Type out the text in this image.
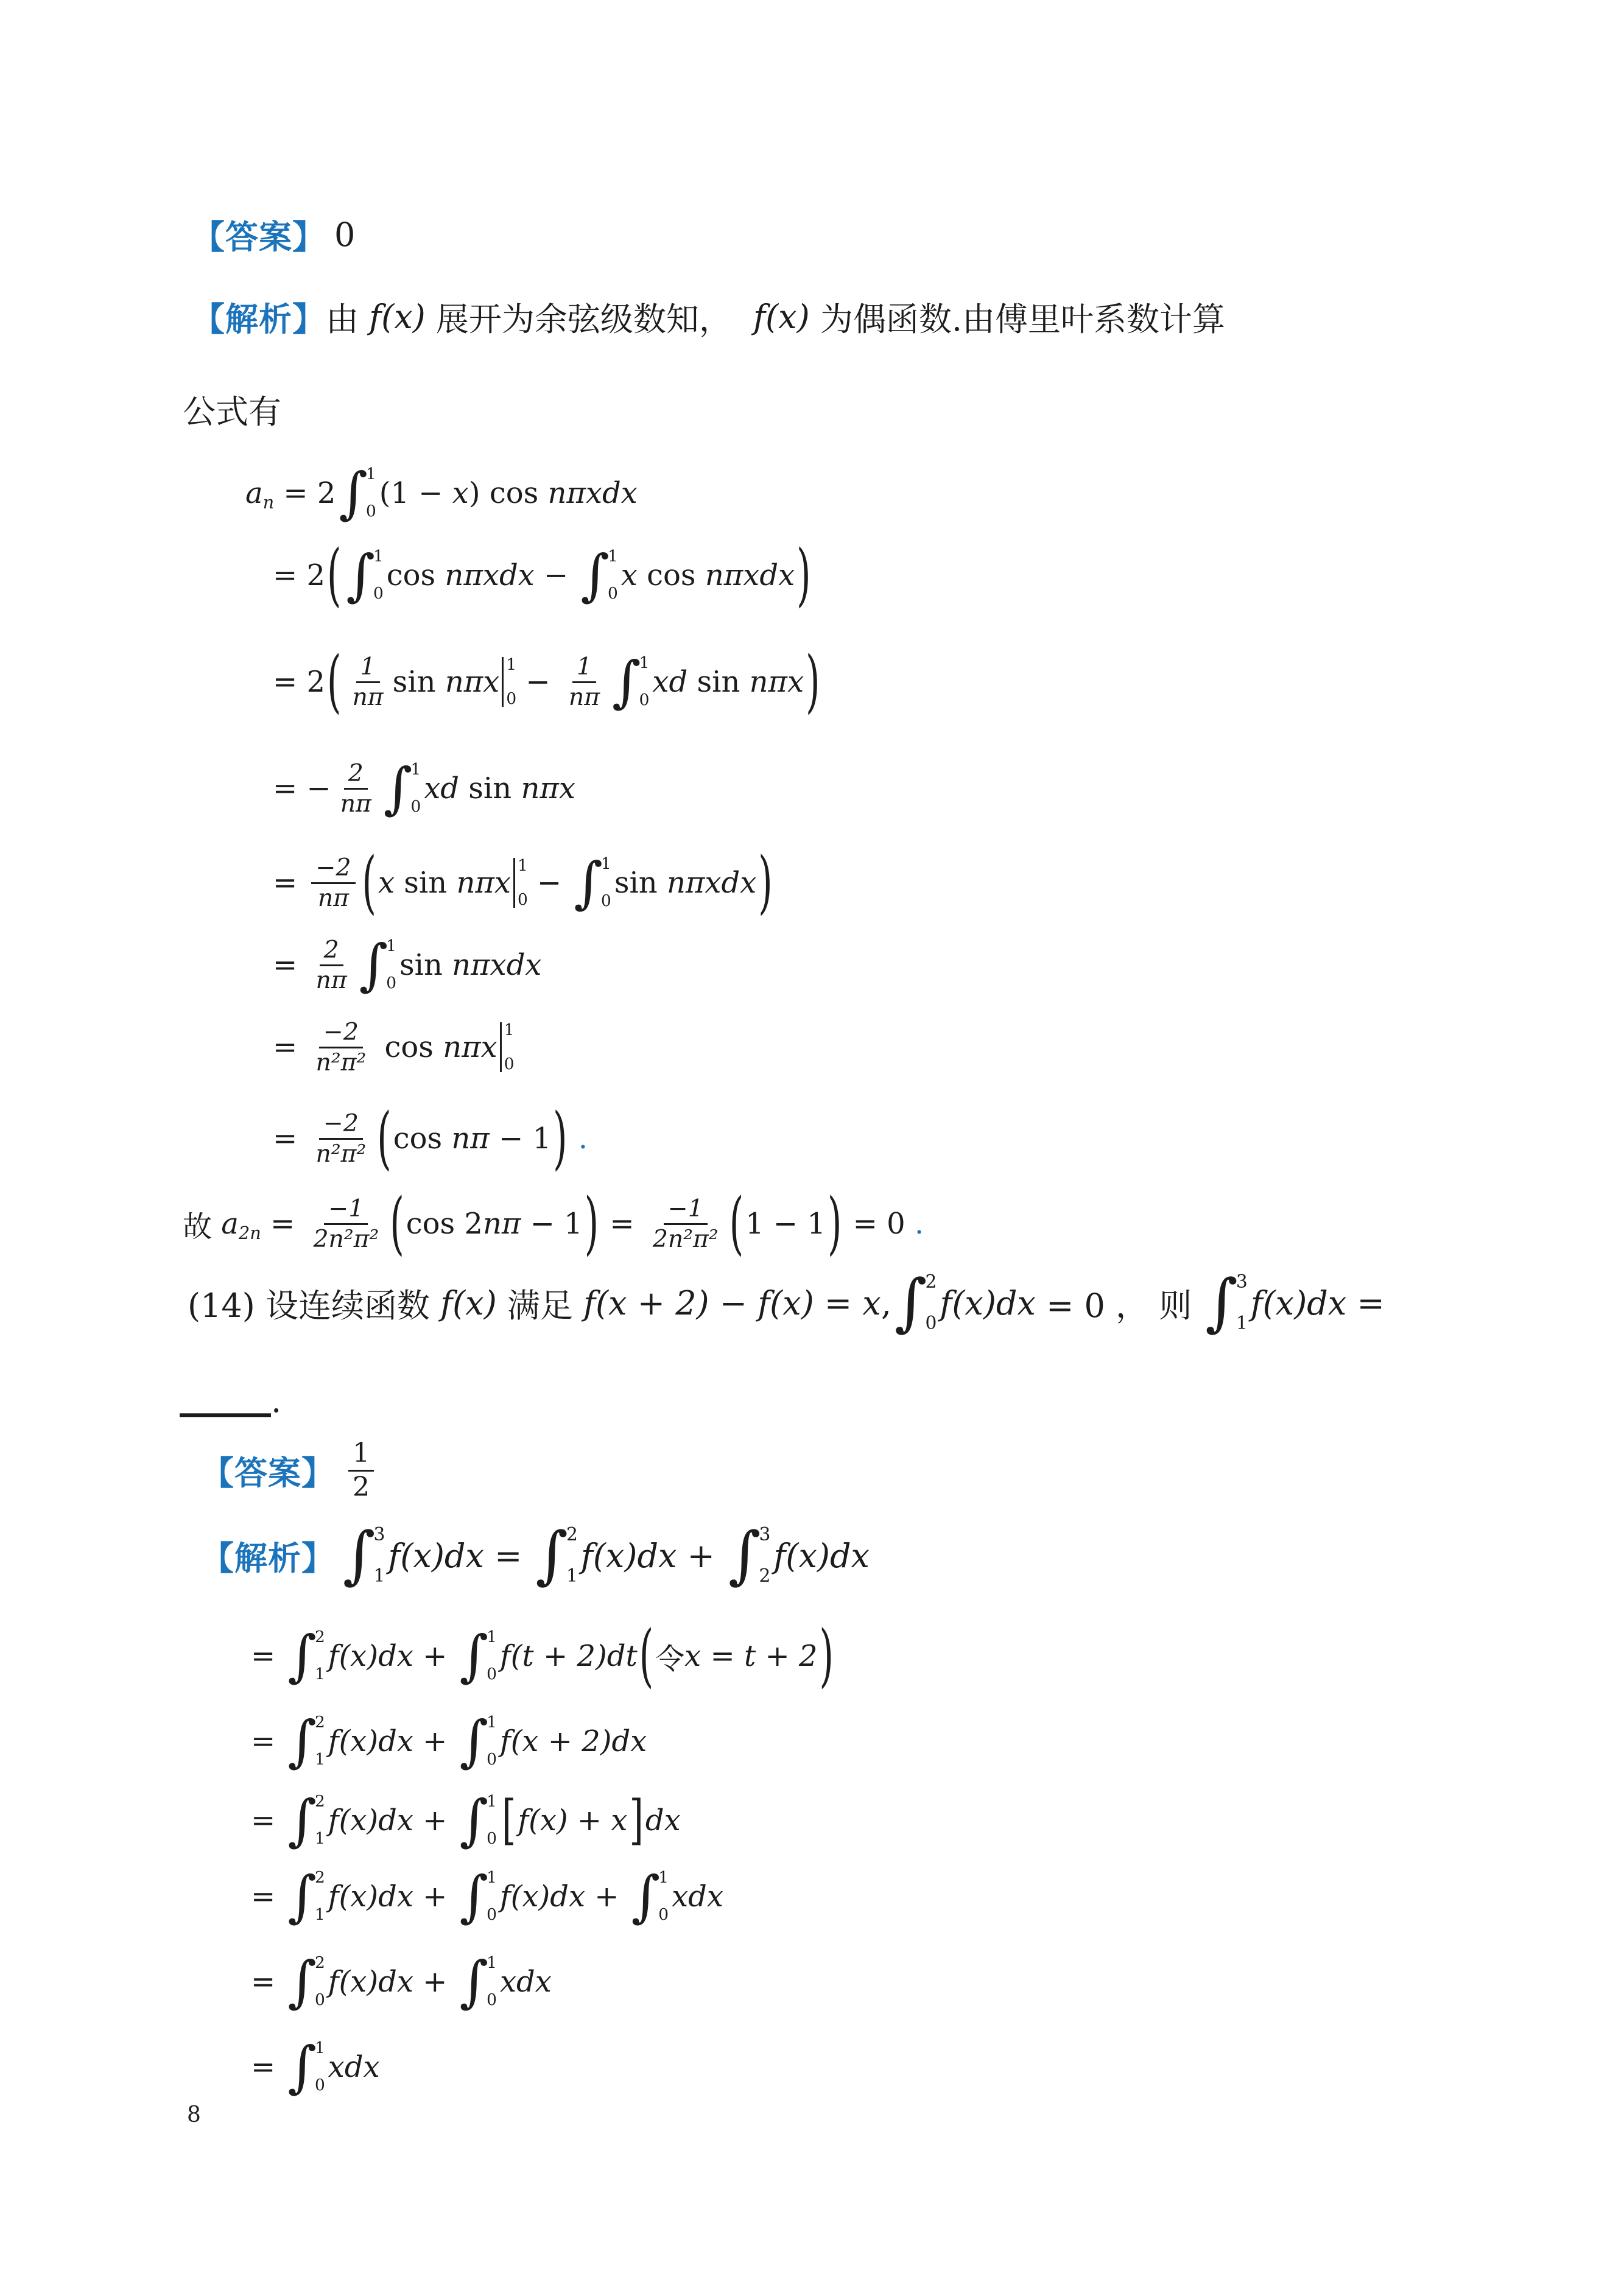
【答案】 0
【解析】 由 f(x) 展开为余弦级数知， f(x) 为偶函数.由傅里叶系数计算
公式有
an = 2 ∫
1
0
(1 − x ) cos nπxdx
= 2 ( ∫
1
0
cos nπxdx − ∫
1
0
x cos nπxdx )
= 2 ( 1
nπ sin nπx
1
$0 - \frac{1}{n\pi}$ ∫
1
0
xd sin nπx )
= − $\frac{2}{n\pi}$ ∫
1
0
xd sin nπx
= $\frac{-2}{n\pi}$ ( x sin nπx
1
0 − ∫
1
0
sin nπxdx )
= $\frac{2}{n\pi}$ ∫
1
0
sin nπxdx
= $\frac{-2}{\text{n²π²}}$ cos nπx
1
0
= $\frac{-2}{\text{n²π²}}$ ( cos nπ − 1 ) .
故 $a2n = \frac{-1}{\text{2n²π²}}$ ( cos 2 nπ − 1 ) = $\frac{-1}{\text{2n²π²}}$ ( 1 − 1 ) = 0 .
(14) 设连续函数 f(x) 满足 f(x + 2) − f(x) = x , ∫
2
0
f(x)dx = 0 ， 则 ∫
3
1
f(x)dx =
.
【答案】
1
2
【解析】 ∫
3
1
f(x)dx = ∫
2
1
f(x)dx + ∫
3
2
f(x)dx
= ∫
2
1
f(x)dx + ∫
1
0
f(t + 2)dt ( 令 x = t + 2 )
= ∫
2
1
f(x)dx + ∫
1
0
f(x + 2)dx
= ∫
2
1
f(x)dx + ∫
1
0 [ f(x) + x ] dx
= ∫
2
1
f(x)dx + ∫
1
0
f(x)dx + ∫
1
0
xdx
= ∫
2
0
f(x)dx + ∫
1
0
xdx
= ∫
1
0
xdx
8
